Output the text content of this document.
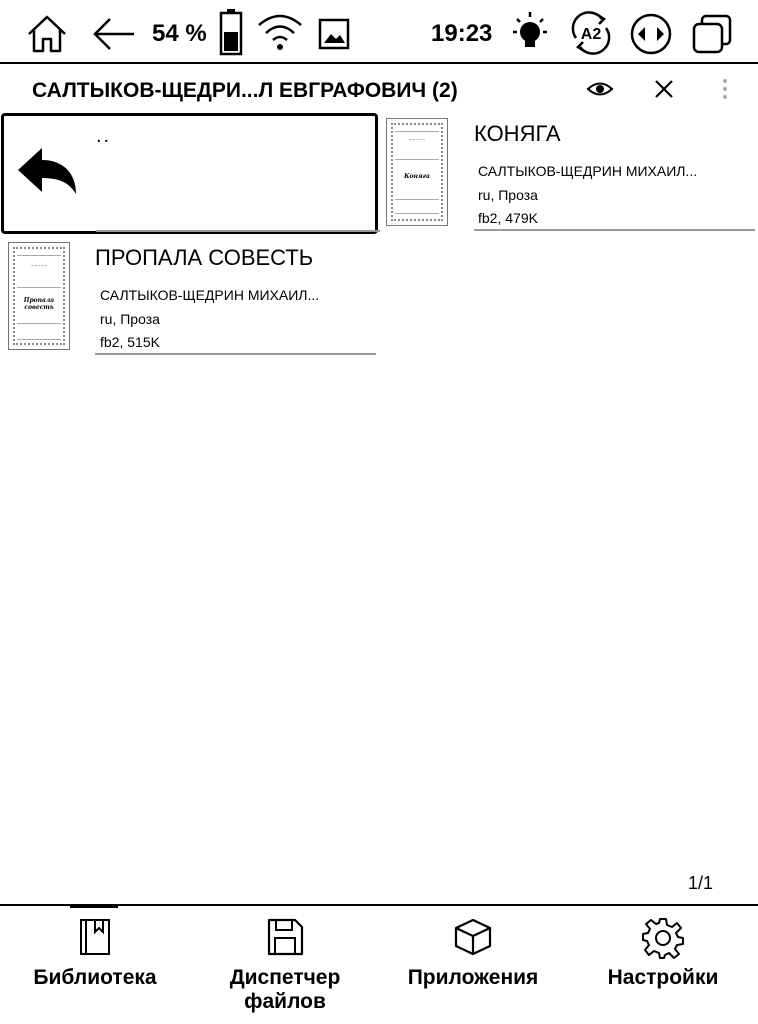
54 %	19:23	A2
САЛТЫКОВ-ЩЕДРИ...Л ЕВГРАФОВИЧ (2)
..	~~~~~
Коняга
КОНЯГА
САЛТЫКОВ-ЩЕДРИН МИХАИЛ...
ru, Проза
fb2, 479K
~~~~~
Пропала совесть
ПРОПАЛА СОВЕСТЬ
САЛТЫКОВ-ЩЕДРИН МИХАИЛ...
ru, Проза
fb2, 515K
1/1
Библиотека	Диспетчер
файлов
Приложения	Настройки
